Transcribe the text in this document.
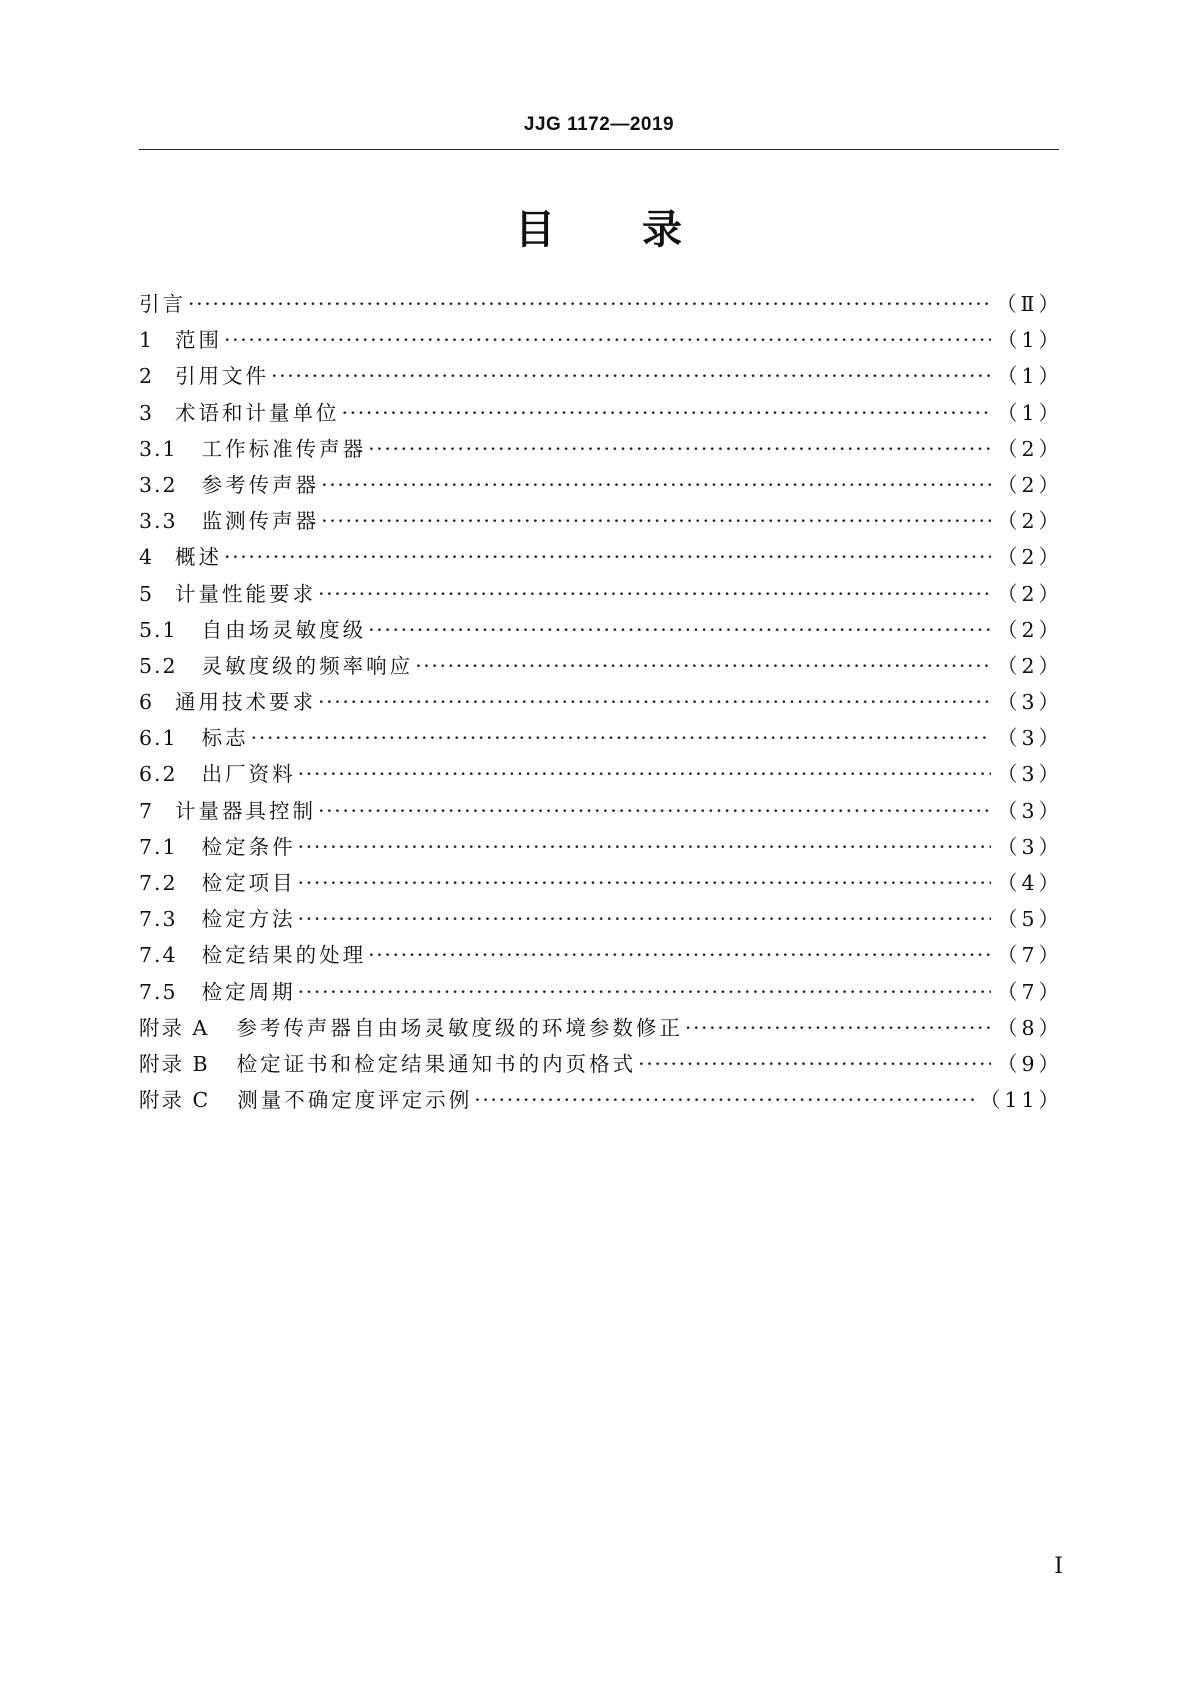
JJG 1172—2019
目 录
引言 ·····	（Ⅱ）
1 范围 ·····	（1）
2 引用文件 ·····	（1）
3 术语和计量单位 ·····	（1）
3.1 工作标准传声器 ·····	（2）
3.2 参考传声器 ·····	（2）
3.3 监测传声器 ·····	（2）
4 概述 ·····	（2）
5 计量性能要求 ·····	（2）
5.1 自由场灵敏度级 ·····	（2）
5.2 灵敏度级的频率响应 ·····	（2）
6 通用技术要求 ·····	（3）
6.1 标志 ·····	（3）
6.2 出厂资料 ·····	（3）
7 计量器具控制 ·····	（3）
7.1 检定条件 ·····	（3）
7.2 检定项目 ·····	（4）
7.3 检定方法 ·····	（5）
7.4 检定结果的处理 ·····	（7）
7.5 检定周期 ·····	（7）
附录 A 参考传声器自由场灵敏度级的环境参数修正 ·····	（8）
附录 B 检定证书和检定结果通知书的内页格式 ·····	（9）
附录 C 测量不确定度评定示例 ·····	（11）
Ⅰ
